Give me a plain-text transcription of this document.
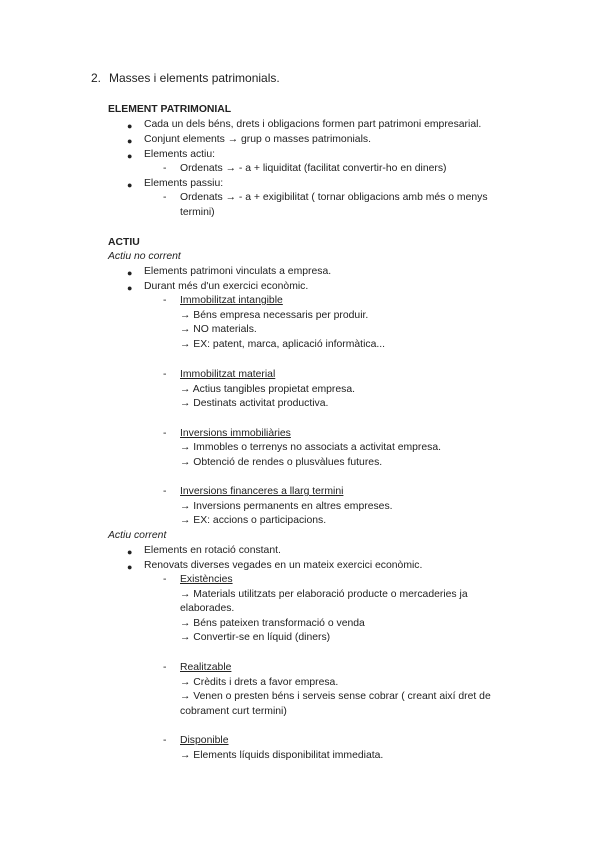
2. Masses i elements patrimonials.
ELEMENT PATRIMONIAL
● Cada un dels béns, drets i obligacions formen part patrimoni empresarial.
● Conjunt elements → grup o masses patrimonials.
● Elements actiu:
- Ordenats → - a + liquiditat (facilitat convertir-ho en diners)
● Elements passiu:
- Ordenats → - a + exigibilitat ( tornar obligacions amb més o menys
termini)
ACTIU
Actiu no corrent
● Elements patrimoni vinculats a empresa.
● Durant més d'un exercici econòmic.
- Immobilitzat intangible
→ Béns empresa necessaris per produir.
→ NO materials.
→ EX: patent, marca, aplicació informàtica...
- Immobilitzat material
→ Actius tangibles propietat empresa.
→ Destinats activitat productiva.
- Inversions immobiliàries
→ Immobles o terrenys no associats a activitat empresa.
→ Obtenció de rendes o plusvàlues futures.
- Inversions financeres a llarg termini
→ Inversions permanents en altres empreses.
→ EX: accions o participacions.
Actiu corrent
● Elements en rotació constant.
● Renovats diverses vegades en un mateix exercici econòmic.
- Existències
→ Materials utilitzats per elaboració producte o mercaderies ja
elaborades.
→ Béns pateixen transformació o venda
→ Convertir-se en líquid (diners)
- Realitzable
→ Crèdits i drets a favor empresa.
→ Venen o presten béns i serveis sense cobrar ( creant així dret de
cobrament curt termini)
- Disponible
→ Elements líquids disponibilitat immediata.
